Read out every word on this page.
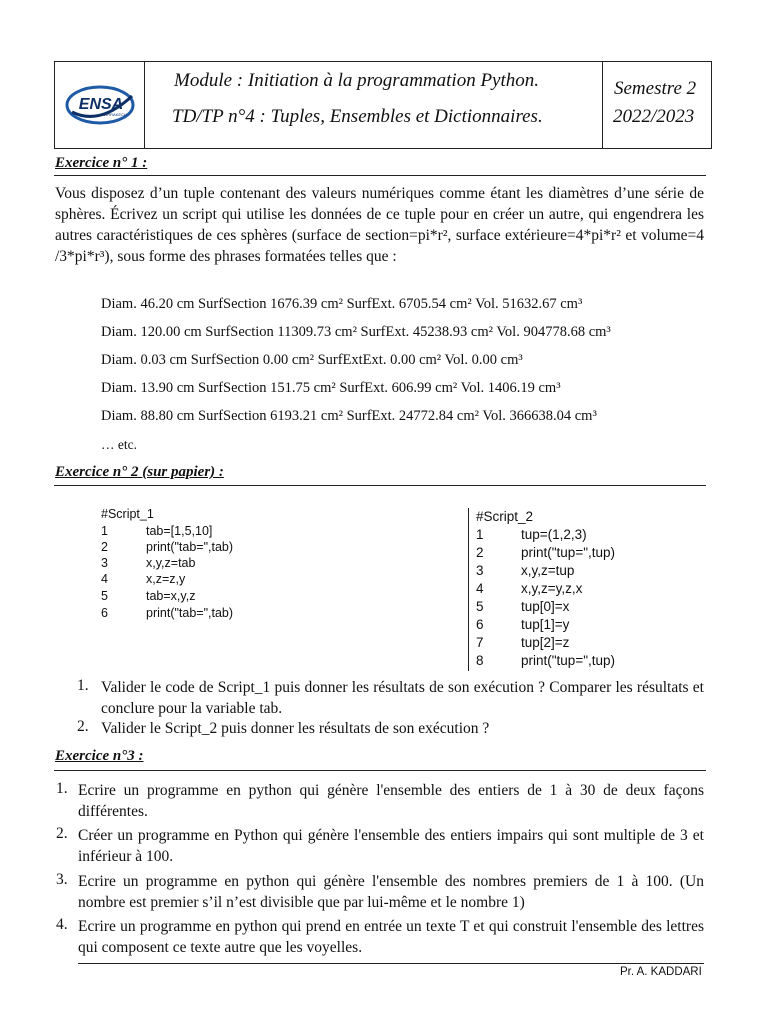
ENSA
MARRAKECH
Module : Initiation à la programmation Python.
TD/TP n°4 : Tuples, Ensembles et Dictionnaires.
Semestre 2
2022/2023
Exercice n° 1 :
Vous disposez d’un tuple contenant des valeurs numériques comme étant les diamètres d’une série de sphères. Écrivez un script qui utilise les données de ce tuple pour en créer un autre, qui engendrera les autres caractéristiques de ces sphères (surface de section=pi*r², surface extérieure=4*pi*r² et volume=4 /3*pi*r³), sous forme des phrases formatées telles que :
Diam. 46.20 cm SurfSection 1676.39 cm² SurfExt. 6705.54 cm² Vol. 51632.67 cm³
Diam. 120.00 cm SurfSection 11309.73 cm² SurfExt. 45238.93 cm² Vol. 904778.68 cm³
Diam. 0.03 cm SurfSection 0.00 cm² SurfExtExt. 0.00 cm² Vol. 0.00 cm³
Diam. 13.90 cm SurfSection 151.75 cm² SurfExt. 606.99 cm² Vol. 1406.19 cm³
Diam. 88.80 cm SurfSection 6193.21 cm² SurfExt. 24772.84 cm² Vol. 366638.04 cm³
… etc.
Exercice n° 2 (sur papier) :
#Script_1
1	tab=[1,5,10]
2	print("tab=",tab)
3	x,y,z=tab
4	x,z=z,y
5	tab=x,y,z
6	print("tab=",tab)
#Script_2
1	tup=(1,2,3)
2	print("tup=",tup)
3	x,y,z=tup
4	x,y,z=y,z,x
5	tup[0]=x
6	tup[1]=y
7	tup[2]=z
8	print("tup=",tup)
1. Valider le code de Script_1 puis donner les résultats de son exécution ? Comparer les résultats et conclure pour la variable tab.
2. Valider le Script_2 puis donner les résultats de son exécution ?
Exercice n°3 :
1. Ecrire un programme en python qui génère l'ensemble des entiers de 1 à 30 de deux façons différentes.
2. Créer un programme en Python qui génère l'ensemble des entiers impairs qui sont multiple de 3 et inférieur à 100.
3. Ecrire un programme en python qui génère l'ensemble des nombres premiers de 1 à 100. (Un nombre est premier s’il n’est divisible que par lui-même et le nombre 1)
4. Ecrire un programme en python qui prend en entrée un texte T et qui construit l'ensemble des lettres qui composent ce texte autre que les voyelles.
Pr. A. KADDARI
